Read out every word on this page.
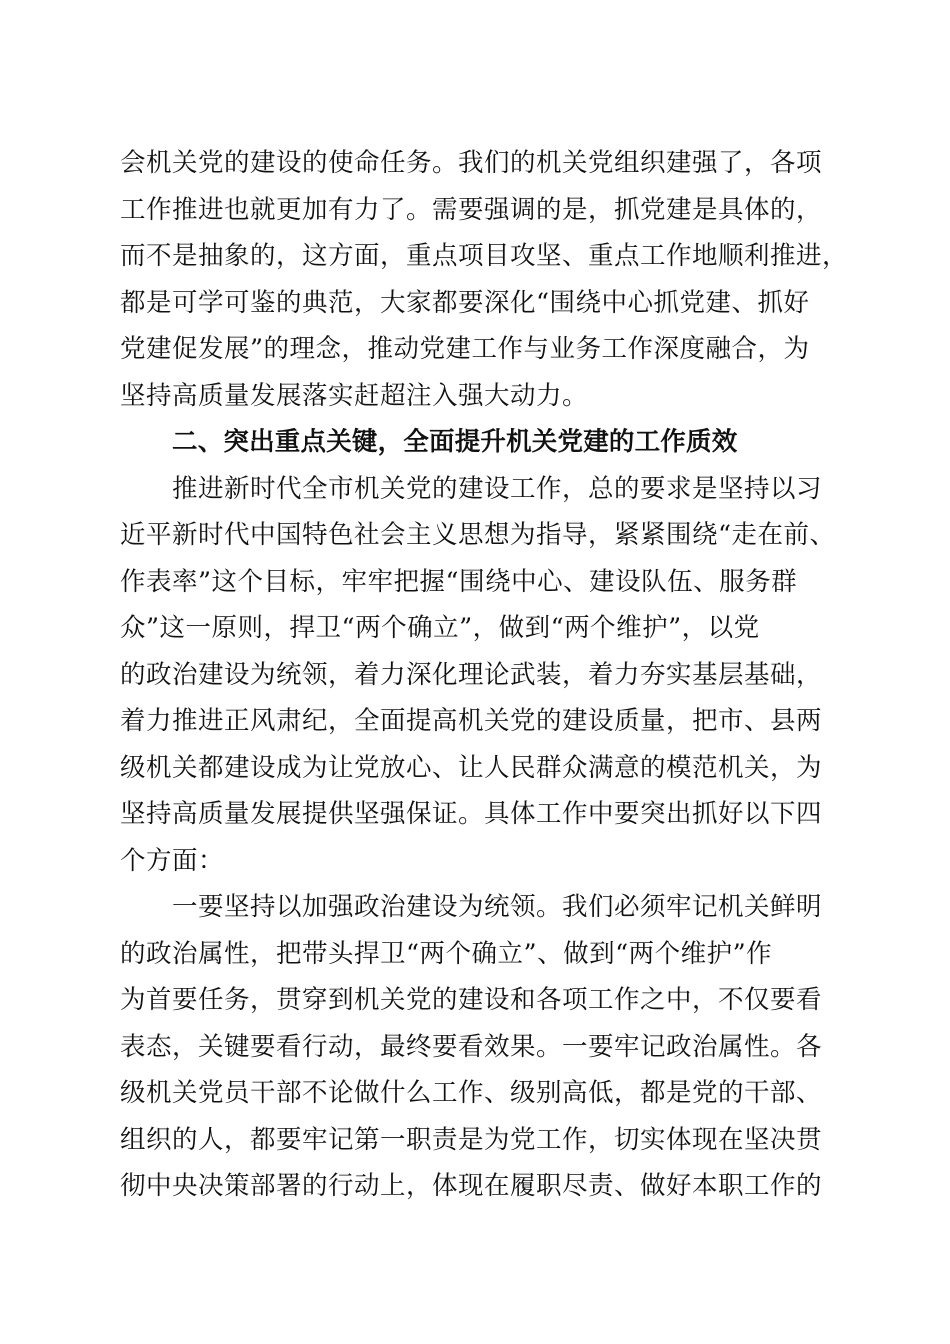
会机关党的建设的使命任务。我们的机关党组织建强了，各项
工作推进也就更加有力了。需要强调的是，抓党建是具体的，
而不是抽象的，这方面，重点项目攻坚、重点工作地顺利推进，
都是可学可鉴的典范，大家都要深化“围绕中心抓党建、抓好
党建促发展”的理念，推动党建工作与业务工作深度融合，为
坚持高质量发展落实赶超注入强大动力。
二、突出重点关键，全面提升机关党建的工作质效
推进新时代全市机关党的建设工作，总的要求是坚持以习
近平新时代中国特色社会主义思想为指导，紧紧围绕“走在前、
作表率”这个目标，牢牢把握“围绕中心、建设队伍、服务群
众”这一原则，捍卫“两个确立”，做到“两个维护”，以党
的政治建设为统领，着力深化理论武装，着力夯实基层基础，
着力推进正风肃纪，全面提高机关党的建设质量，把市、县两
级机关都建设成为让党放心、让人民群众满意的模范机关，为
坚持高质量发展提供坚强保证。具体工作中要突出抓好以下四
个方面：
一要坚持以加强政治建设为统领。我们必须牢记机关鲜明
的政治属性，把带头捍卫“两个确立”、做到“两个维护”作
为首要任务，贯穿到机关党的建设和各项工作之中，不仅要看
表态，关键要看行动，最终要看效果。一要牢记政治属性。各
级机关党员干部不论做什么工作、级别高低，都是党的干部、
组织的人，都要牢记第一职责是为党工作，切实体现在坚决贯
彻中央决策部署的行动上，体现在履职尽责、做好本职工作的
